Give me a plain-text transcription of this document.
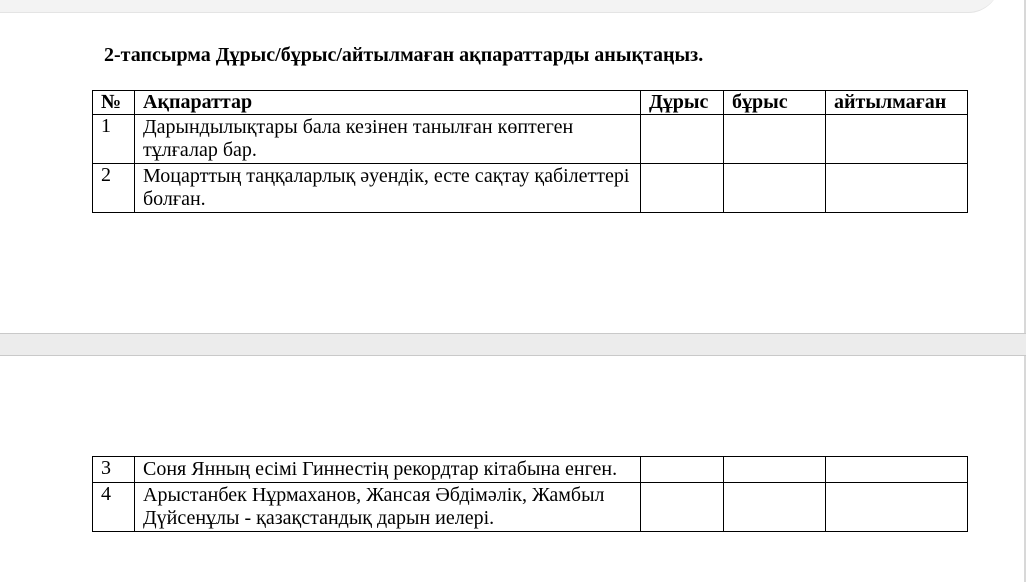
2-тапсырма Дұрыс/бұрыс/айтылмаған ақпараттарды анықтаңыз.
№	Ақпараттар	Дұрыс	бұрыс	айтылмаған
1	Дарындылықтары бала кезінен танылған көптеген тұлғалар бар.			
2	Моцарттың таңқаларлық әуендік, есте сақтау қабілеттері болған.			
3	Соня Янның есімі Гиннестің рекордтар кітабына енген.			
4	Арыстанбек Нұрмаханов, Жансая Әбдімәлік, Жамбыл Дүйсенұлы - қазақстандық дарын иелері.			
